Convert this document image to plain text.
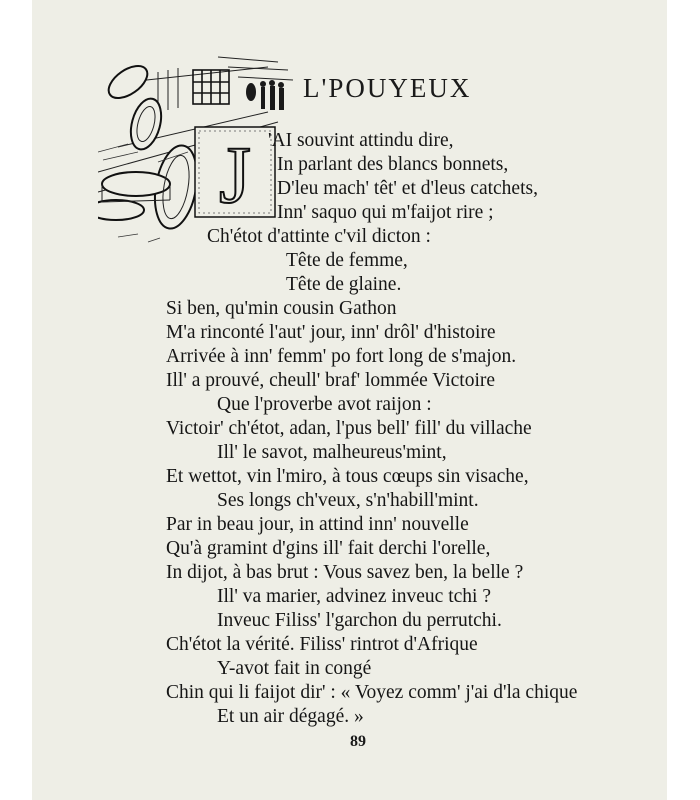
J
L'POUYEUX
'AI souvint attindu dire,
In parlant des blancs bonnets,
D'leu mach' têt' et d'leus catchets,
Inn' saquo qui m'faijot rire ;
Ch'étot d'attinte c'vil dicton :
Tête de femme,
Tête de glaine.
Si ben, qu'min cousin Gathon
M'a rinconté l'aut' jour, inn' drôl' d'histoire
Arrivée à inn' femm' po fort long de s'majon.
Ill' a prouvé, cheull' braf' lommée Victoire
Que l'proverbe avot raijon :
Victoir' ch'étot, adan, l'pus bell' fill' du villache
Ill' le savot, malheureus'mint,
Et wettot, vin l'miro, à tous cœups sin visache,
Ses longs ch'veux, s'n'habill'mint.
Par in beau jour, in attind inn' nouvelle
Qu'à gramint d'gins ill' fait derchi l'orelle,
In dijot, à bas brut : Vous savez ben, la belle ?
Ill' va marier, advinez inveuc tchi ?
Inveuc Filiss' l'garchon du perrutchi.
Ch'étot la vérité. Filiss' rintrot d'Afrique
Y-avot fait in congé
Chin qui li faijot dir' : « Voyez comm' j'ai d'la chique
Et un air dégagé. »
89
